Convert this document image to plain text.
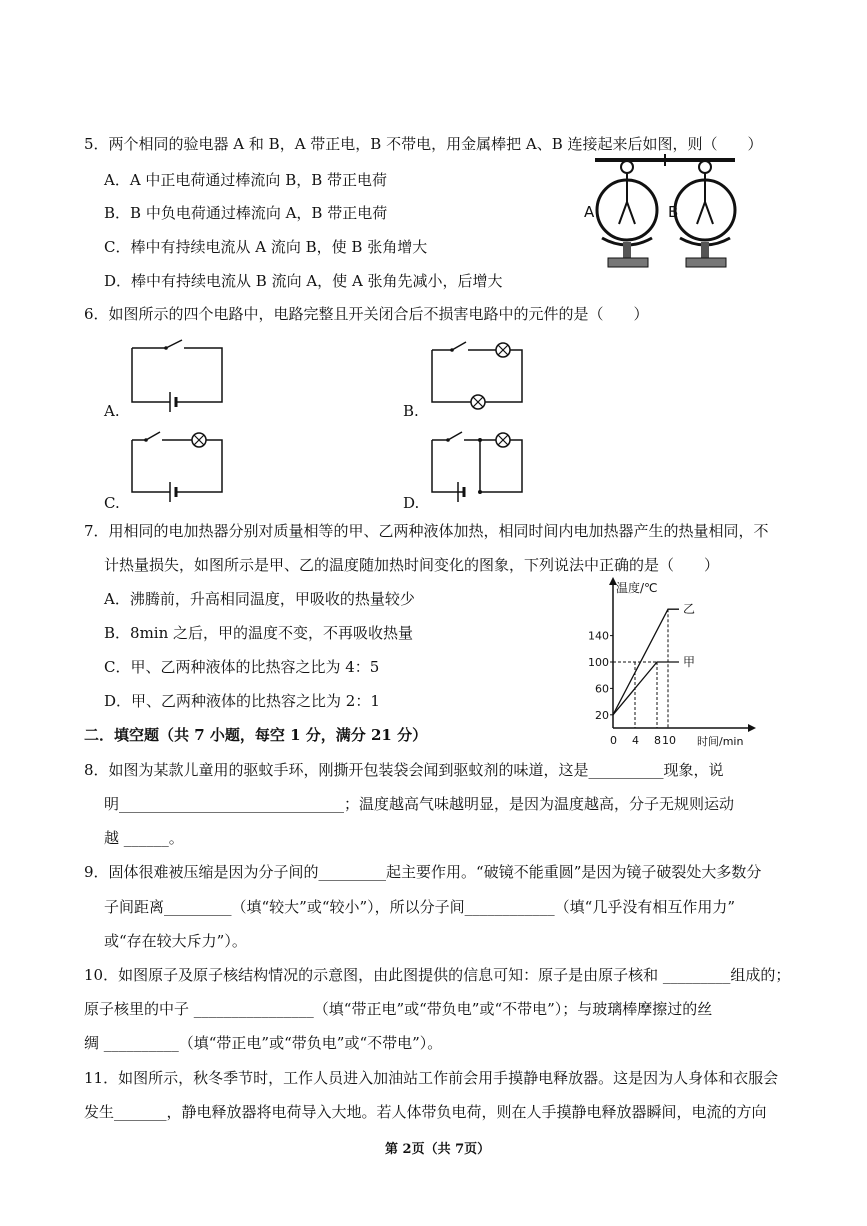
5．两个相同的验电器 A 和 B，A 带正电，B 不带电，用金属棒把 A、B 连接起来后如图，则（　　）
A．A 中正电荷通过棒流向 B，B 带正电荷
B．B 中负电荷通过棒流向 A，B 带正电荷
C．棒中有持续电流从 A 流向 B，使 B 张角增大
D．棒中有持续电流从 B 流向 A，使 A 张角先减小，后增大
A	B
6．如图所示的四个电路中，电路完整且开关闭合后不损害电路中的元件的是（　　）
A.	B.
C.	D.
7．用相同的电加热器分别对质量相等的甲、乙两种液体加热，相同时间内电加热器产生的热量相同，不
计热量损失，如图所示是甲、乙的温度随加热时间变化的图象，下列说法中正确的是（　　）
A．沸腾前，升高相同温度，甲吸收的热量较少
B．8min 之后，甲的温度不变，不再吸收热量
C．甲、乙两种液体的比热容之比为 4：5
D．甲、乙两种液体的比热容之比为 2：1
温度/℃
时间/min
0 4 8 10
20
60
100
140
甲
乙
二．填空题（共 7 小题，每空 1 分，满分 21 分）
8．如图为某款儿童用的驱蚊手环，刚撕开包装袋会闻到驱蚊剂的味道，这是__________现象，说
明______________________________；温度越高气味越明显，是因为温度越高，分子无规则运动
越 ______。
9．固体很难被压缩是因为分子间的_________起主要作用。“破镜不能重圆”是因为镜子破裂处大多数分
子间距离_________（填“较大”或“较小”），所以分子间____________（填“几乎没有相互作用力”
或“存在较大斥力”）。
10．如图原子及原子核结构情况的示意图，由此图提供的信息可知：原子是由原子核和 _________组成的；
原子核里的中子 ________________（填“带正电”或“带负电”或“不带电”）；与玻璃棒摩擦过的丝
绸 __________（填“带正电”或“带负电”或“不带电”）。
11．如图所示，秋冬季节时，工作人员进入加油站工作前会用手摸静电释放器。这是因为人身体和衣服会
发生_______，静电释放器将电荷导入大地。若人体带负电荷，则在人手摸静电释放器瞬间，电流的方向
第 2页（共 7页）
